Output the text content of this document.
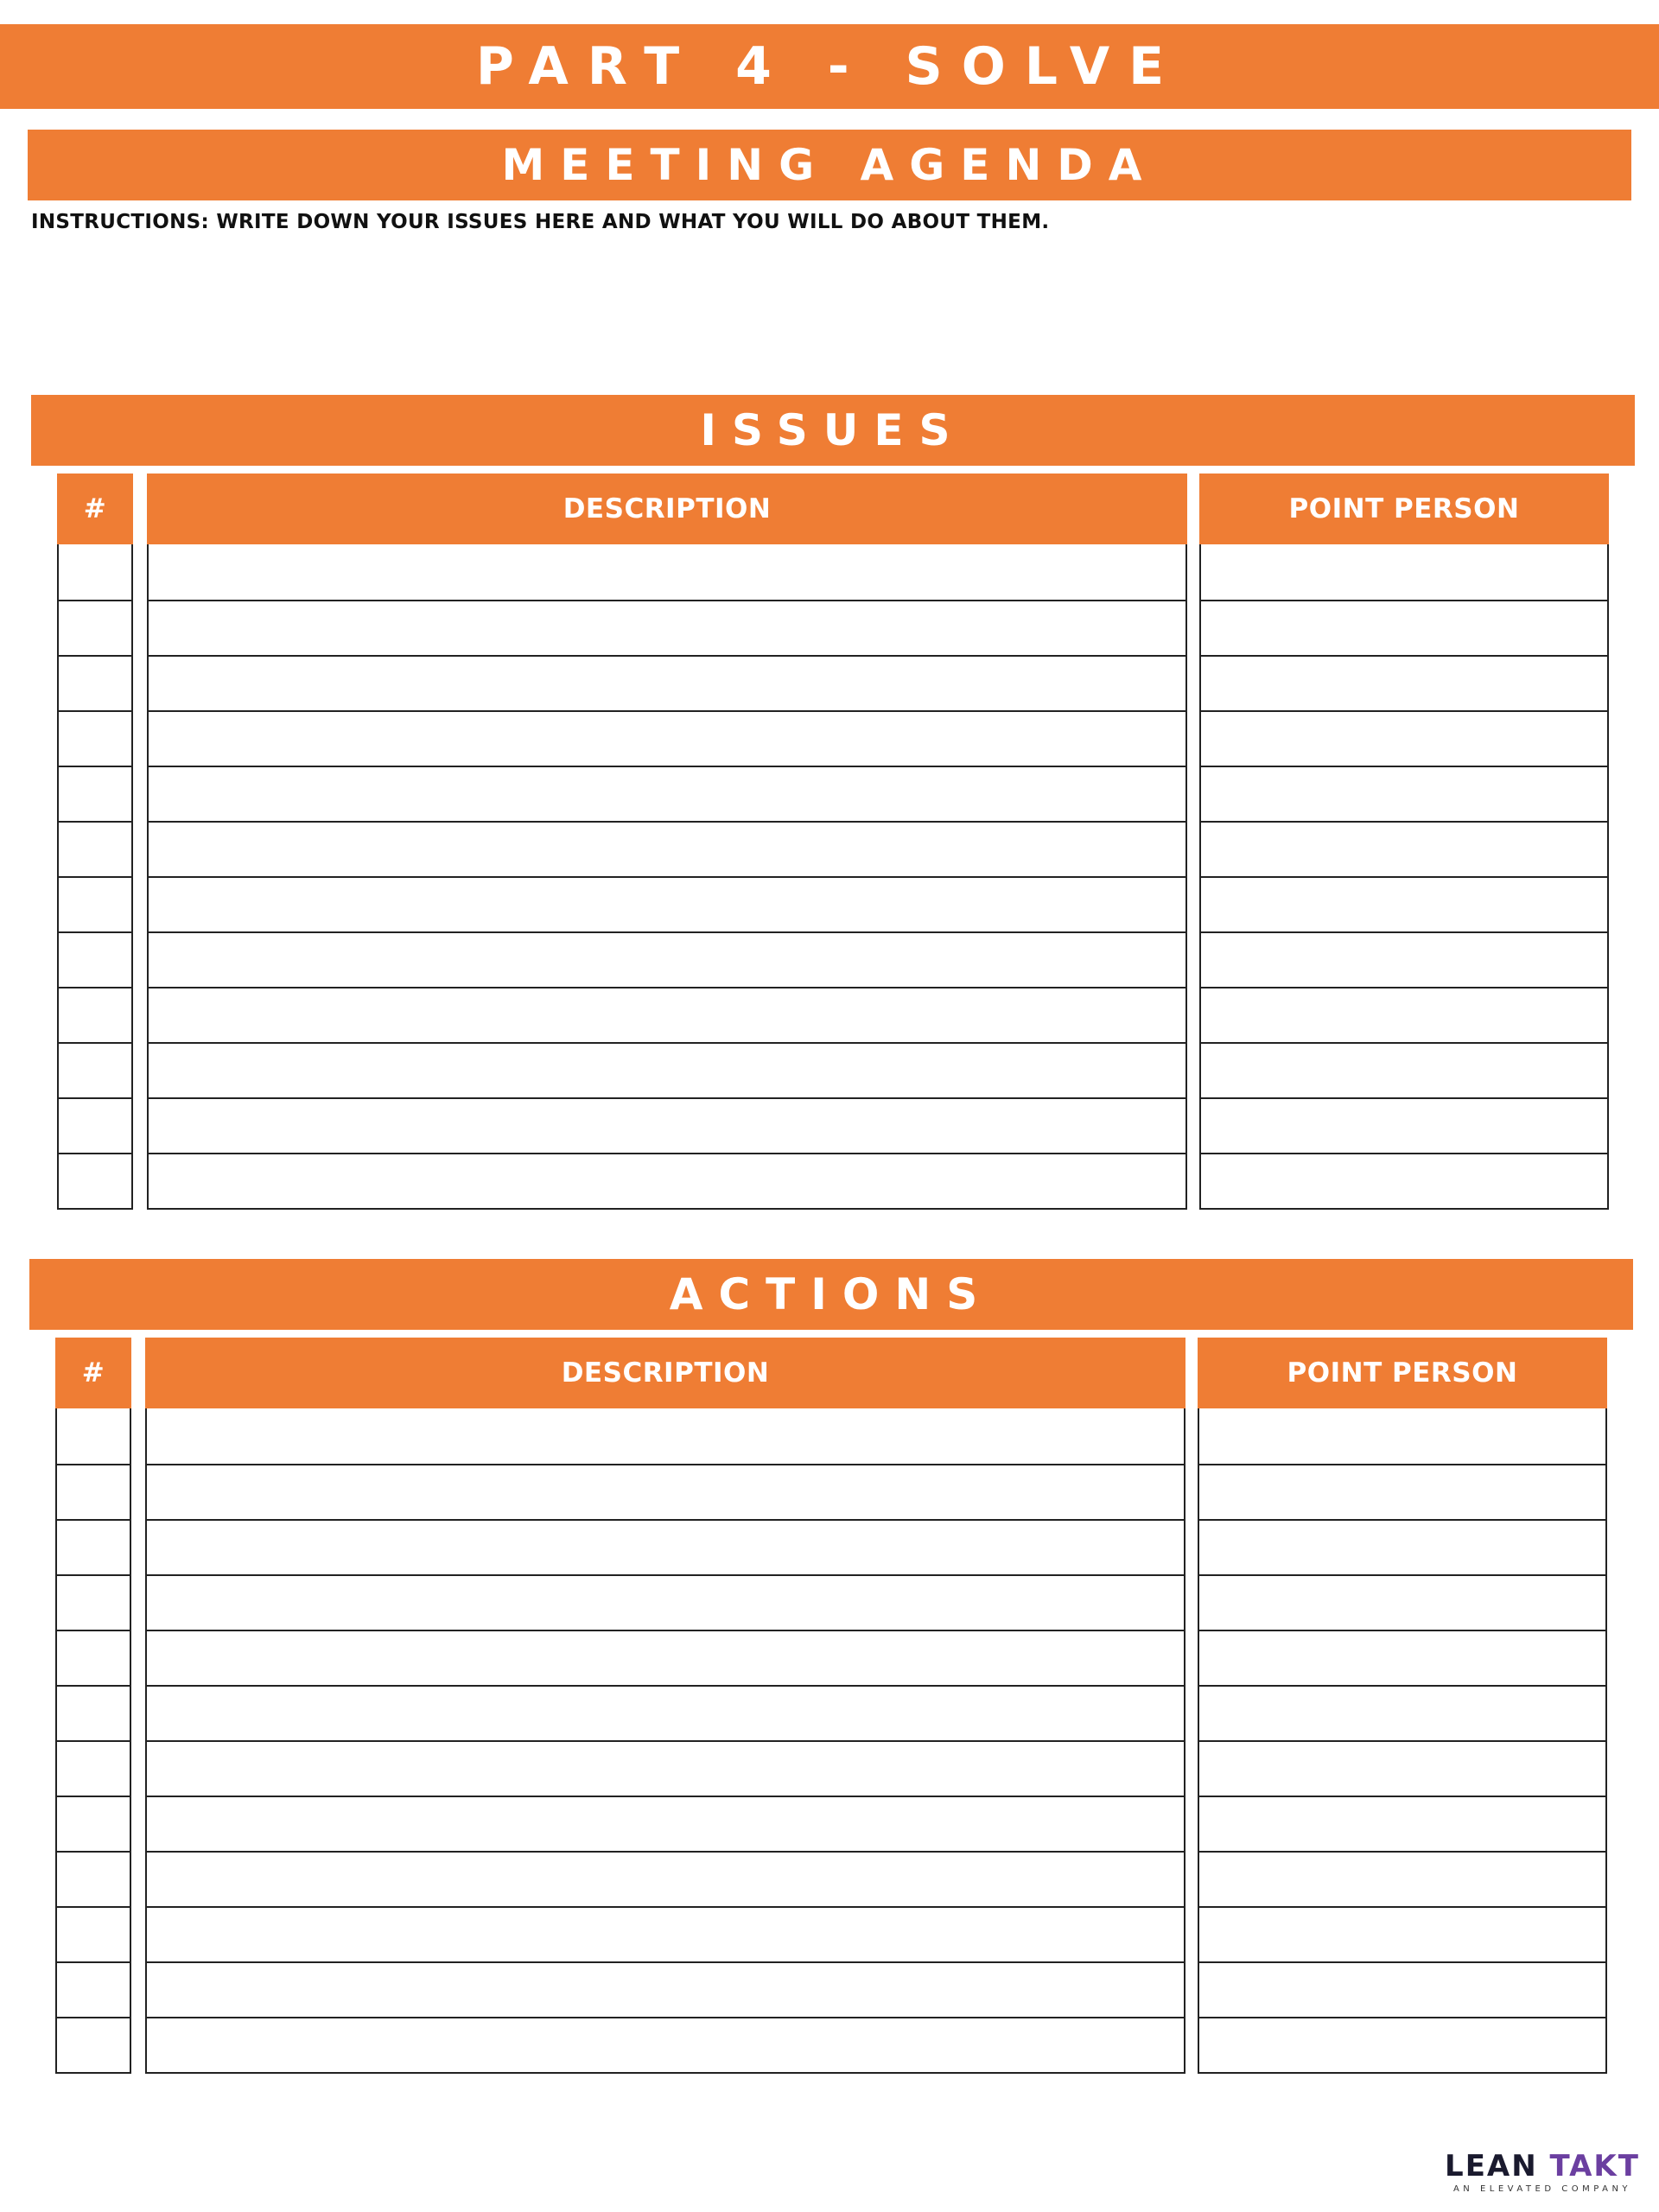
PART 4 - SOLVE
MEETING AGENDA
INSTRUCTIONS: WRITE DOWN YOUR ISSUES HERE AND WHAT YOU WILL DO ABOUT THEM.
ISSUES
#	DESCRIPTION	POINT PERSON
ACTIONS
#	DESCRIPTION	POINT PERSON
LEAN TAKT
AN ELEVATED COMPANY
